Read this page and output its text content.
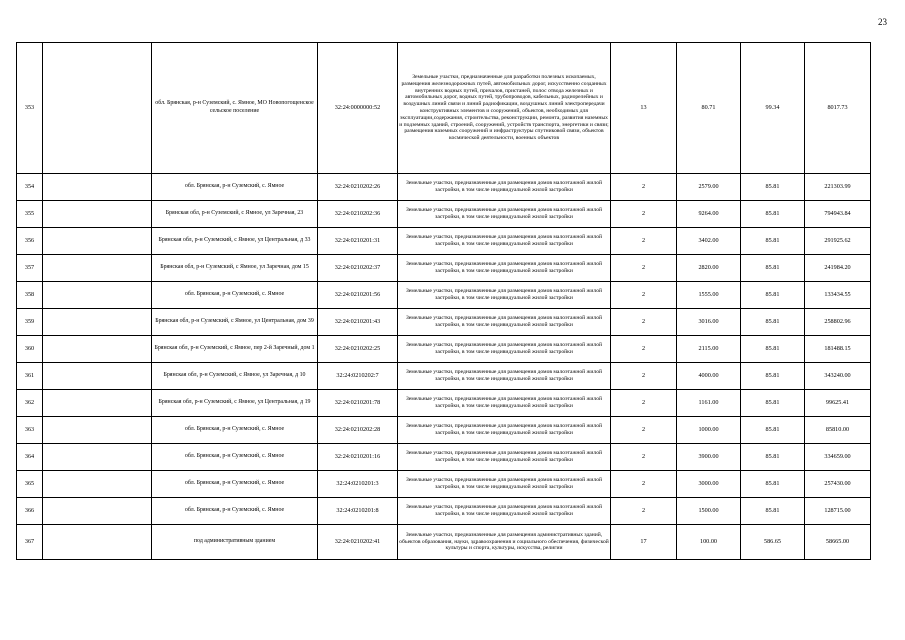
23
353		обл. Брянская, р-н Суземский, с. Ямное, МО Новопогощенское сельское поселение	32:24:0000000:52	Земельные участки, предназначенные для разработки полезных ископаемых, размещения железнодорожных путей, автомобильных дорог, искусственно созданных внутренних водных путей, причалов, пристаней, полос отвода железных и автомобильных дорог, водных путей, трубопроводов, кабельных, радиорелейных и воздушных линий связи и линий радиофикации, воздушных линий электропередачи конструктивных элементов и сооружений, объектов, необходимых для эксплуатации,содержания, строительства, реконструкции, ремонта, развития наземных и подземных зданий, строений, сооружений, устройств транспорта, энергетики и связи; размещения наземных сооружений и инфраструктуры спутниковой связи, объектов космической деятельности, военных объектов	13	80.71	99.34	8017.73
354		обл. Брянская, р-н Суземский, с. Ямное	32:24:0210202:26	Земельные участки, предназначенные для размещения домов малоэтажной жилой застройки, в том числе индивидуальной жилой застройки	2	2579.00	85.81	221303.99
355		Брянская обл, р-н Суземский, с Ямное, ул Заречная, 23	32:24:0210202:36	Земельные участки, предназначенные для размещения домов малоэтажной жилой застройки, в том числе индивидуальной жилой застройки	2	9264.00	85.81	794943.84
356		Брянская обл, р-н Суземский, с Ямное, ул Центральная, д 33	32:24:0210201:31	Земельные участки, предназначенные для размещения домов малоэтажной жилой застройки, в том числе индивидуальной жилой застройки	2	3402.00	85.81	291925.62
357		Брянская обл, р-н Суземский, с Ямное, ул Заречная, дом 15	32:24:0210202:37	Земельные участки, предназначенные для размещения домов малоэтажной жилой застройки, в том числе индивидуальной жилой застройки	2	2820.00	85.81	241984.20
358		обл. Брянская, р-н Суземский, с. Ямное	32:24:0210201:56	Земельные участки, предназначенные для размещения домов малоэтажной жилой застройки, в том числе индивидуальной жилой застройки	2	1555.00	85.81	133434.55
359		Брянская обл, р-н Суземский, с Ямное, ул Центральная, дом 39	32:24:0210201:43	Земельные участки, предназначенные для размещения домов малоэтажной жилой застройки, в том числе индивидуальной жилой застройки	2	3016.00	85.81	258802.96
360		Брянская обл, р-н Суземский, с Ямное, пер 2-й Заречный, дом 1	32:24:0210202:25	Земельные участки, предназначенные для размещения домов малоэтажной жилой застройки, в том числе индивидуальной жилой застройки	2	2115.00	85.81	181488.15
361		Брянская обл, р-н Суземский, с Ямное, ул Заречная, д 10	32:24:0210202:7	Земельные участки, предназначенные для размещения домов малоэтажной жилой застройки, в том числе индивидуальной жилой застройки	2	4000.00	85.81	343240.00
362		Брянская обл, р-н Суземский, с Ямное, ул Центральная, д 19	32:24:0210201:78	Земельные участки, предназначенные для размещения домов малоэтажной жилой застройки, в том числе индивидуальной жилой застройки	2	1161.00	85.81	99625.41
363		обл. Брянская, р-н Суземский, с. Ямное	32:24:0210202:28	Земельные участки, предназначенные для размещения домов малоэтажной жилой застройки, в том числе индивидуальной жилой застройки	2	1000.00	85.81	85810.00
364		обл. Брянская, р-н Суземский, с. Ямное	32:24:0210201:16	Земельные участки, предназначенные для размещения домов малоэтажной жилой застройки, в том числе индивидуальной жилой застройки	2	3900.00	85.81	334659.00
365		обл. Брянская, р-н Суземский, с. Ямное	32:24:0210201:3	Земельные участки, предназначенные для размещения домов малоэтажной жилой застройки, в том числе индивидуальной жилой застройки	2	3000.00	85.81	257430.00
366		обл. Брянская, р-н Суземский, с. Ямное	32:24:0210201:8	Земельные участки, предназначенные для размещения домов малоэтажной жилой застройки, в том числе индивидуальной жилой застройки	2	1500.00	85.81	128715.00
367		под административным зданием	32:24:0210202:41	Земельные участки, предназначенные для размещения административных зданий, объектов образования, науки, здравоохранения и социального обеспечения, физической культуры и спорта, культуры, искусства, религии	17	100.00	586.65	58665.00
